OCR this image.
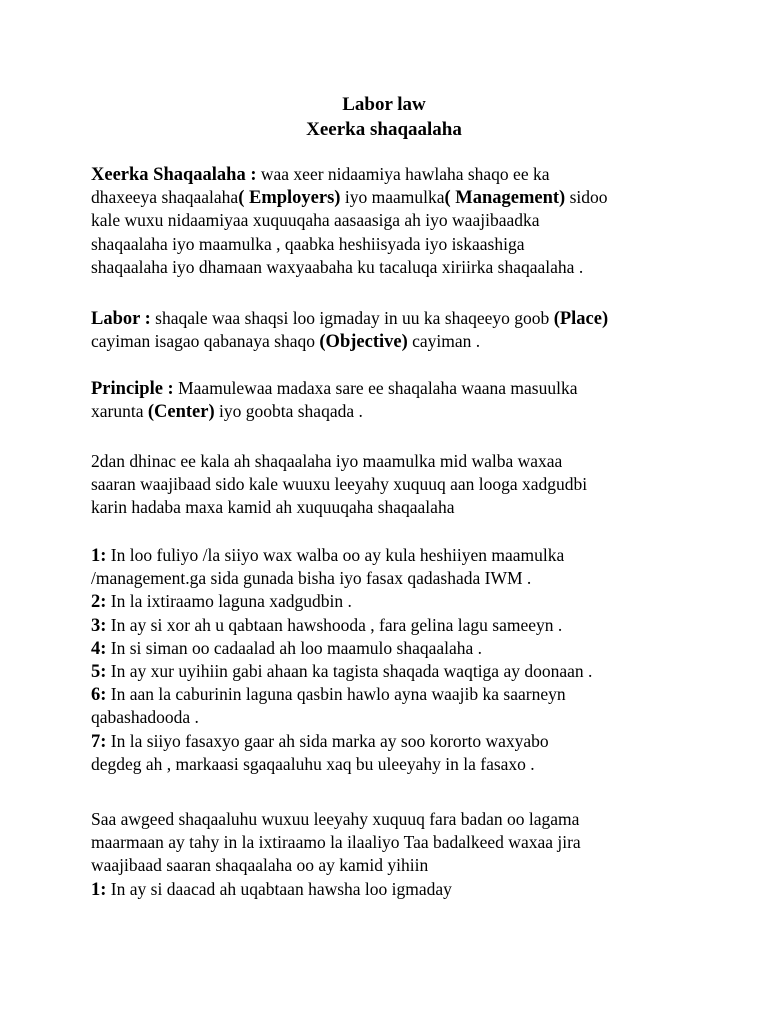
Labor law
Xeerka shaqaalaha
Xeerka Shaqaalaha : waa xeer nidaamiya hawlaha shaqo ee ka
dhaxeeya shaqaalaha( Employers) iyo maamulka( Management) sidoo
kale wuxu nidaamiyaa xuquuqaha aasaasiga ah iyo waajibaadka
shaqaalaha iyo maamulka , qaabka heshiisyada iyo iskaashiga
shaqaalaha iyo dhamaan waxyaabaha ku tacaluqa xiriirka shaqaalaha .
Labor : shaqale waa shaqsi loo igmaday in uu ka shaqeeyo goob (Place)
cayiman isagao qabanaya shaqo (Objective) cayiman .
Principle : Maamulewaa madaxa sare ee shaqalaha waana masuulka
xarunta (Center) iyo goobta shaqada .
2dan dhinac ee kala ah shaqaalaha iyo maamulka mid walba waxaa
saaran waajibaad sido kale wuuxu leeyahy xuquuq aan looga xadgudbi
karin hadaba maxa kamid ah xuquuqaha shaqaalaha
1: In loo fuliyo /la siiyo wax walba oo ay kula heshiiyen maamulka
/management.ga sida gunada bisha iyo fasax qadashada IWM .
2: In la ixtiraamo laguna xadgudbin .
3: In ay si xor ah u qabtaan hawshooda , fara gelina lagu sameeyn .
4: In si siman oo cadaalad ah loo maamulo shaqaalaha .
5: In ay xur uyihiin gabi ahaan ka tagista shaqada waqtiga ay doonaan .
6: In aan la caburinin laguna qasbin hawlo ayna waajib ka saarneyn
qabashadooda .
7: In la siiyo fasaxyo gaar ah sida marka ay soo kororto waxyabo
degdeg ah , markaasi sgaqaaluhu xaq bu uleeyahy in la fasaxo .
Saa awgeed shaqaaluhu wuxuu leeyahy xuquuq fara badan oo lagama
maarmaan ay tahy in la ixtiraamo la ilaaliyo Taa badalkeed waxaa jira
waajibaad saaran shaqaalaha oo ay kamid yihiin
1: In ay si daacad ah uqabtaan hawsha loo igmaday
